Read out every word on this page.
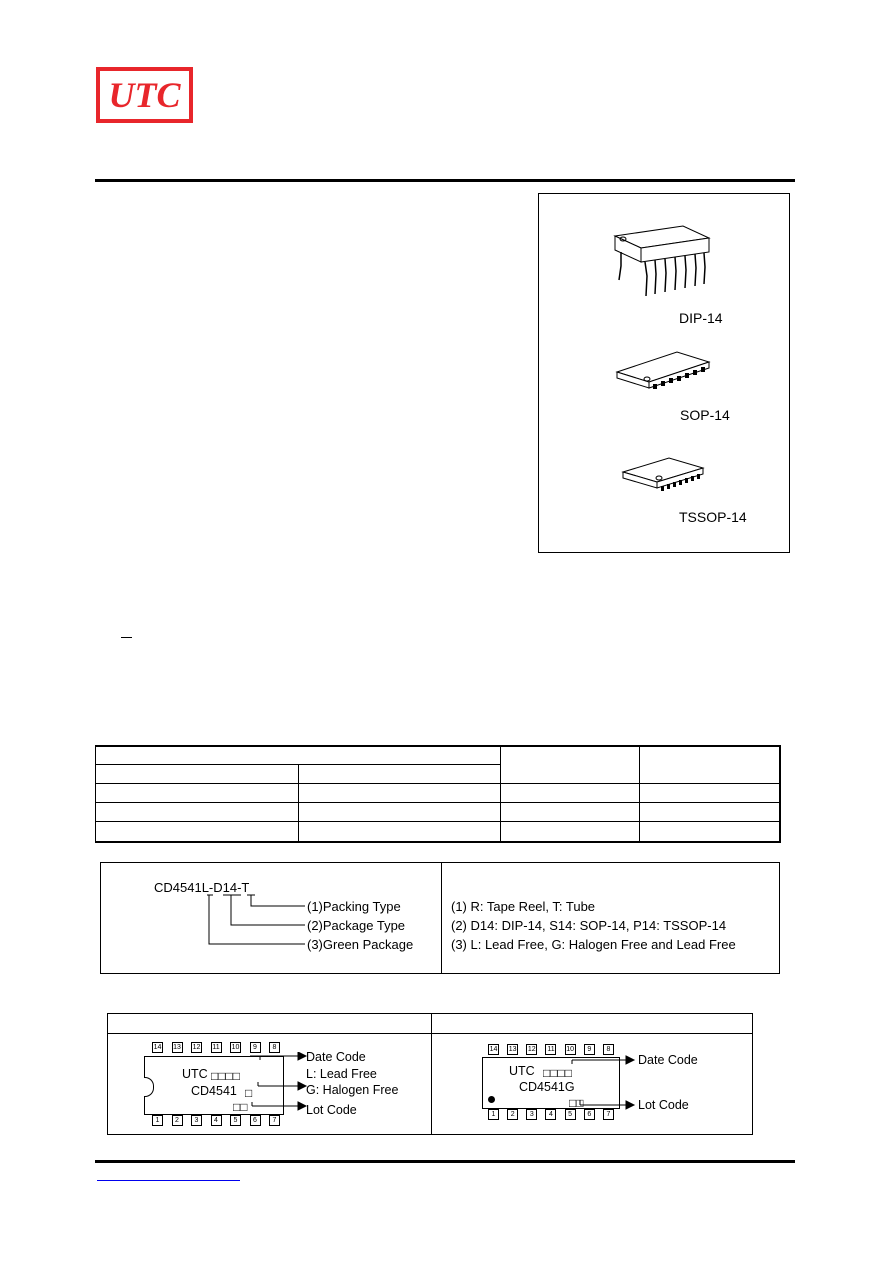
UTC
DIP-14
SOP-14
TSSOP-14
CD4541L-D14-T
(1)Packing Type
(2)Package Type
(3)Green Package
(1) R: Tape Reel, T: Tube
(2) D14: DIP-14, S14: SOP-14, P14: TSSOP-14
(3) L: Lead Free, G: Halogen Free and Lead Free
14 13 12 11 10	9	8
UTC □□□□
CD4541 □
□□
1	2	3	4	5	6	7
Date Code
L: Lead Free
G: Halogen Free
Lot Code
14 13 12 11 10	9	8
UTC □□□□
CD4541G
□□
1	2	3	4	5	6	7
Date Code
Lot Code
